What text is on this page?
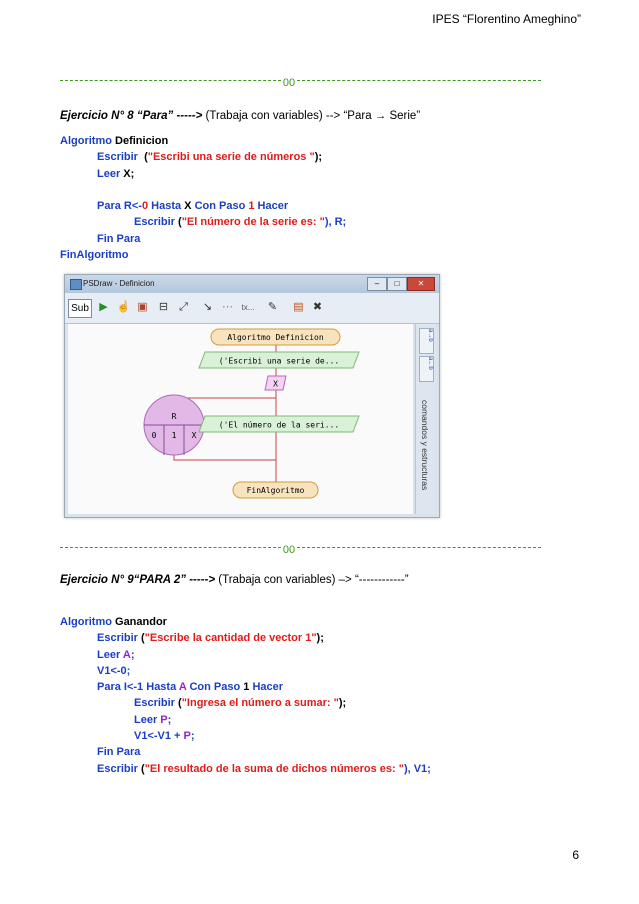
IPES “Florentino Ameghino”
00
Ejercicio N° 8 “Para” -----> (Trabaja con variables) --> “Para → Serie”
Algoritmo Definicion
Escribir  ("Escribi una serie de números ");
Leer X;

Para R<-0 Hasta X Con Paso 1 Hacer
Escribir ("El número de la serie es: "), R;
Fin Para
FinAlgoritmo
PSDraw - Definicion	–	□	✕
Sub ▶ ☝ ▣	⊟ ⤢	↘ ⋯	tx...	✎	▤ ✖
Algoritmo Definicion
('Escribi una serie de...
X
R
0 1 X
('El número de la seri...
FinAlgoritmo
a→b
a←b
comandos y estructuras
00
Ejercicio N° 9“PARA 2” -----> (Trabaja con variables) –> “------------”
Algoritmo Ganandor
Escribir ("Escribe la cantidad de vector 1");
Leer A;
V1<-0;
Para I<-1 Hasta A Con Paso 1 Hacer
Escribir ("Ingresa el número a sumar: ");
Leer P;
V1<-V1 + P;
Fin Para
Escribir ("El resultado de la suma de dichos números es: "), V1;
6
